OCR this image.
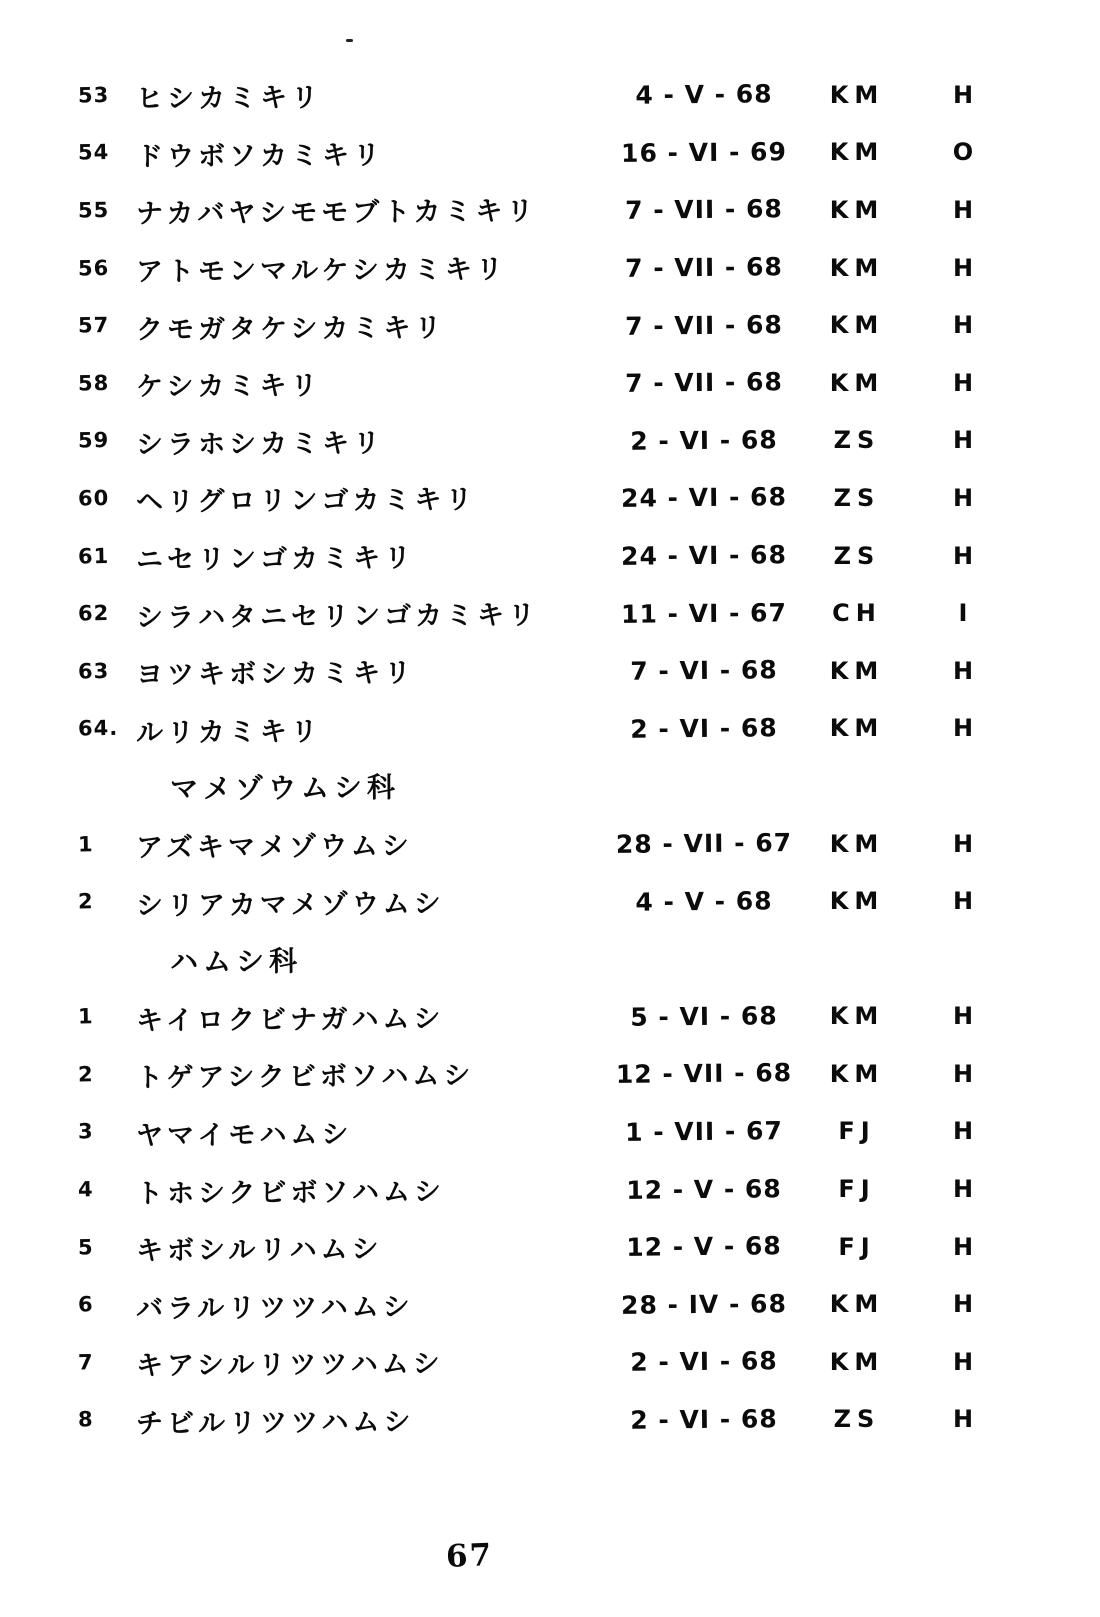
53 ヒシカミキリ	4 - V - 68	KM	H
54 ドウボソカミキリ	16 - VI - 69	KM	O
55 ナカバヤシモモブトカミキリ	7 - VII - 68	KM	H
56 アトモンマルケシカミキリ	7 - VII - 68	KM	H
57 クモガタケシカミキリ	7 - VII - 68	KM	H
58 ケシカミキリ	7 - VII - 68	KM	H
59 シラホシカミキリ	2 - VI - 68	ZS	H
60 ヘリグロリンゴカミキリ	24 - VI - 68	ZS	H
61 ニセリンゴカミキリ	24 - VI - 68	ZS	H
62 シラハタニセリンゴカミキリ	11 - VI - 67	CH	I
63 ヨツキボシカミキリ	7 - VI - 68	KM	H
64. ルリカミキリ	2 - VI - 68	KM	H
マメゾウムシ科
1	アズキマメゾウムシ	28 - VII - 67	KM	H
2	シリアカマメゾウムシ	4 - V - 68	KM	H
ハムシ科
1	キイロクビナガハムシ	5 - VI - 68	KM	H
2	トゲアシクビボソハムシ	12 - VII - 68	KM	H
3	ヤマイモハムシ	1 - VII - 67	FJ	H
4	トホシクビボソハムシ	12 - V - 68	FJ	H
5	キボシルリハムシ	12 - V - 68	FJ	H
6	バラルリツツハムシ	28 - IV - 68	KM	H
7	キアシルリツツハムシ	2 - VI - 68	KM	H
8	チビルリツツハムシ	2 - VI - 68	ZS	H
67
